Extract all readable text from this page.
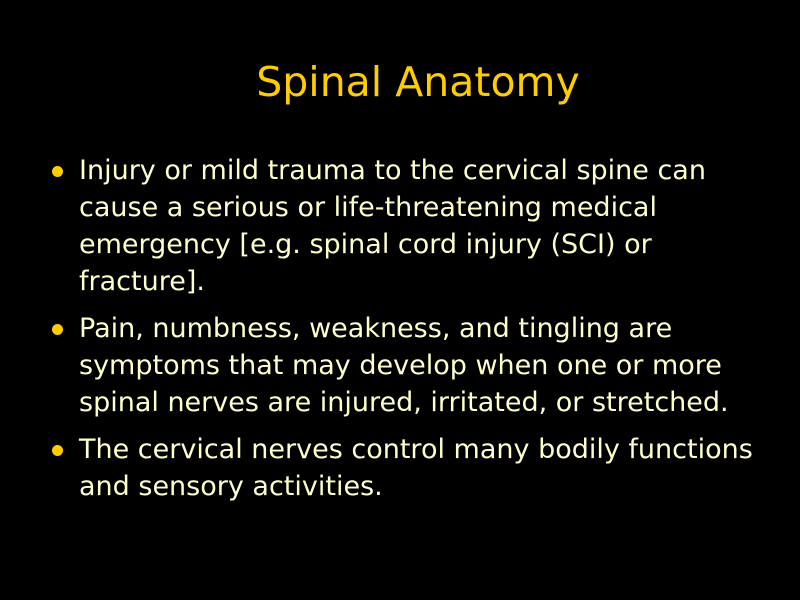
Spinal Anatomy
Injury or mild trauma to the cervical spine can cause a serious or life-threatening medical emergency [e.g. spinal cord injury (SCI) or fracture].
Pain, numbness, weakness, and tingling are symptoms that may develop when one or more spinal nerves are injured, irritated, or stretched.
The cervical nerves control many bodily functions and sensory activities.
